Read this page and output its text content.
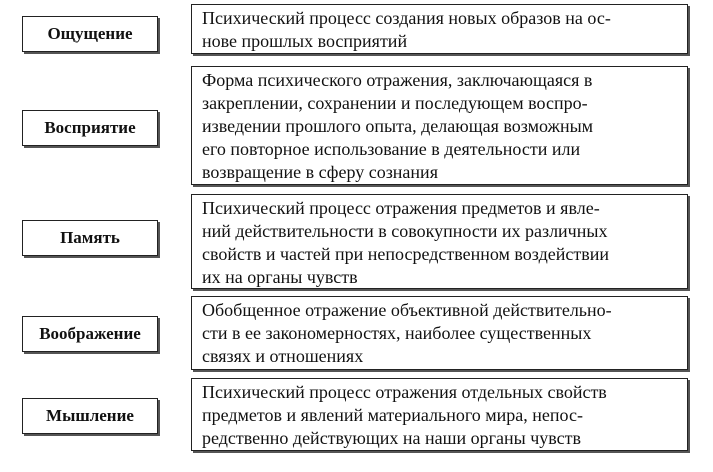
Ощущение

Психический процесс создания новых образов на ос-

нове прошлых восприятий

Восприятие

Форма психического отражения, заключающаяся в

закреплении, сохранении и последующем воспро-

изведении прошлого опыта, делающая возможным

его повторное использование в деятельности или

возвращение в сферу сознания

Память

Психический процесс отражения предметов и явле-

ний действительности в совокупности их различных

свойств и частей при непосредственном воздействии

их на органы чувств

Воображение

Обобщенное отражение объективной действительно-

сти в ее закономерностях, наиболее существенных

связях и отношениях

Мышление

Психический процесс отражения отдельных свойств

предметов и явлений материального мира, непос-

редственно действующих на наши органы чувств
